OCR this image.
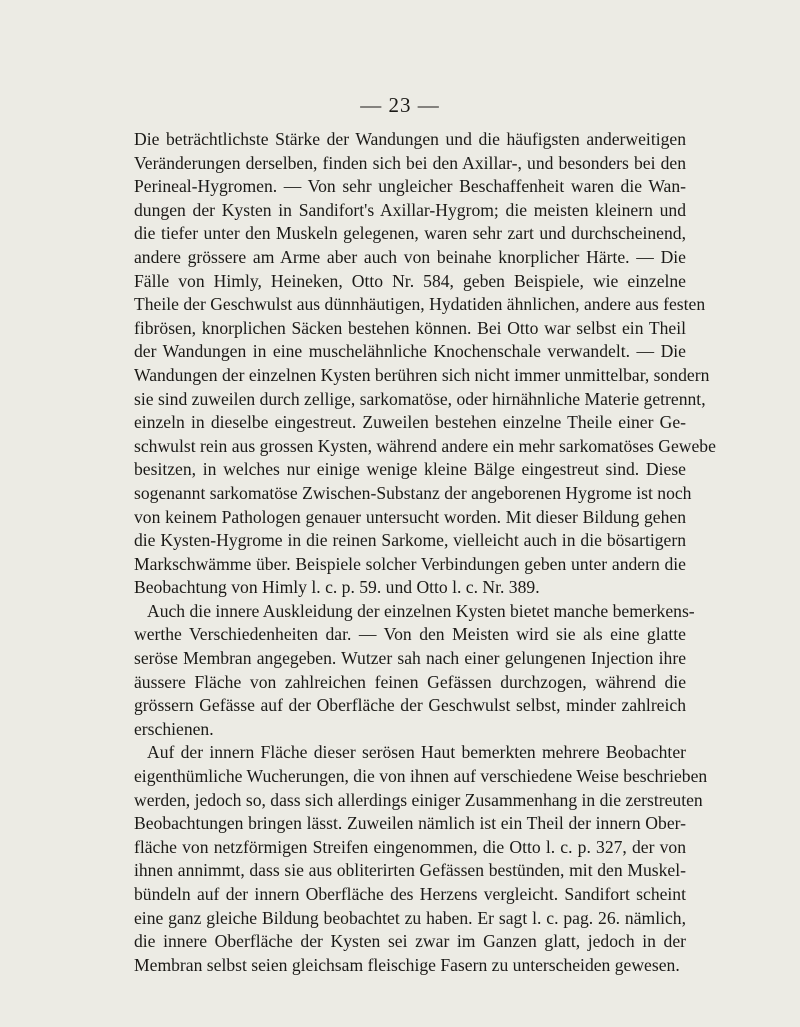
— 23 —
Die beträchtlichste Stärke der Wandungen und die häufigsten anderweitigen
Veränderungen derselben, finden sich bei den Axillar-, und besonders bei den
Perineal-Hygromen. — Von sehr ungleicher Beschaffenheit waren die Wan-
dungen der Kysten in Sandifort's Axillar-Hygrom; die meisten kleinern und
die tiefer unter den Muskeln gelegenen, waren sehr zart und durchscheinend,
andere grössere am Arme aber auch von beinahe knorplicher Härte. — Die
Fälle von Himly, Heineken, Otto Nr. 584, geben Beispiele, wie einzelne
Theile der Geschwulst aus dünnhäutigen, Hydatiden ähnlichen, andere aus festen
fibrösen, knorplichen Säcken bestehen können. Bei Otto war selbst ein Theil
der Wandungen in eine muschelähnliche Knochenschale verwandelt. — Die
Wandungen der einzelnen Kysten berühren sich nicht immer unmittelbar, sondern
sie sind zuweilen durch zellige, sarkomatöse, oder hirnähnliche Materie getrennt,
einzeln in dieselbe eingestreut. Zuweilen bestehen einzelne Theile einer Ge-
schwulst rein aus grossen Kysten, während andere ein mehr sarkomatöses Gewebe
besitzen, in welches nur einige wenige kleine Bälge eingestreut sind. Diese
sogenannt sarkomatöse Zwischen-Substanz der angeborenen Hygrome ist noch
von keinem Pathologen genauer untersucht worden. Mit dieser Bildung gehen
die Kysten-Hygrome in die reinen Sarkome, vielleicht auch in die bösartigern
Markschwämme über. Beispiele solcher Verbindungen geben unter andern die
Beobachtung von Himly l. c. p. 59. und Otto l. c. Nr. 389.
Auch die innere Auskleidung der einzelnen Kysten bietet manche bemerkens-
werthe Verschiedenheiten dar. — Von den Meisten wird sie als eine glatte
seröse Membran angegeben. Wutzer sah nach einer gelungenen Injection ihre
äussere Fläche von zahlreichen feinen Gefässen durchzogen, während die
grössern Gefässe auf der Oberfläche der Geschwulst selbst, minder zahlreich
erschienen.
Auf der innern Fläche dieser serösen Haut bemerkten mehrere Beobachter
eigenthümliche Wucherungen, die von ihnen auf verschiedene Weise beschrieben
werden, jedoch so, dass sich allerdings einiger Zusammenhang in die zerstreuten
Beobachtungen bringen lässt. Zuweilen nämlich ist ein Theil der innern Ober-
fläche von netzförmigen Streifen eingenommen, die Otto l. c. p. 327, der von
ihnen annimmt, dass sie aus obliterirten Gefässen bestünden, mit den Muskel-
bündeln auf der innern Oberfläche des Herzens vergleicht. Sandifort scheint
eine ganz gleiche Bildung beobachtet zu haben. Er sagt l. c. pag. 26. nämlich,
die innere Oberfläche der Kysten sei zwar im Ganzen glatt, jedoch in der
Membran selbst seien gleichsam fleischige Fasern zu unterscheiden gewesen.
